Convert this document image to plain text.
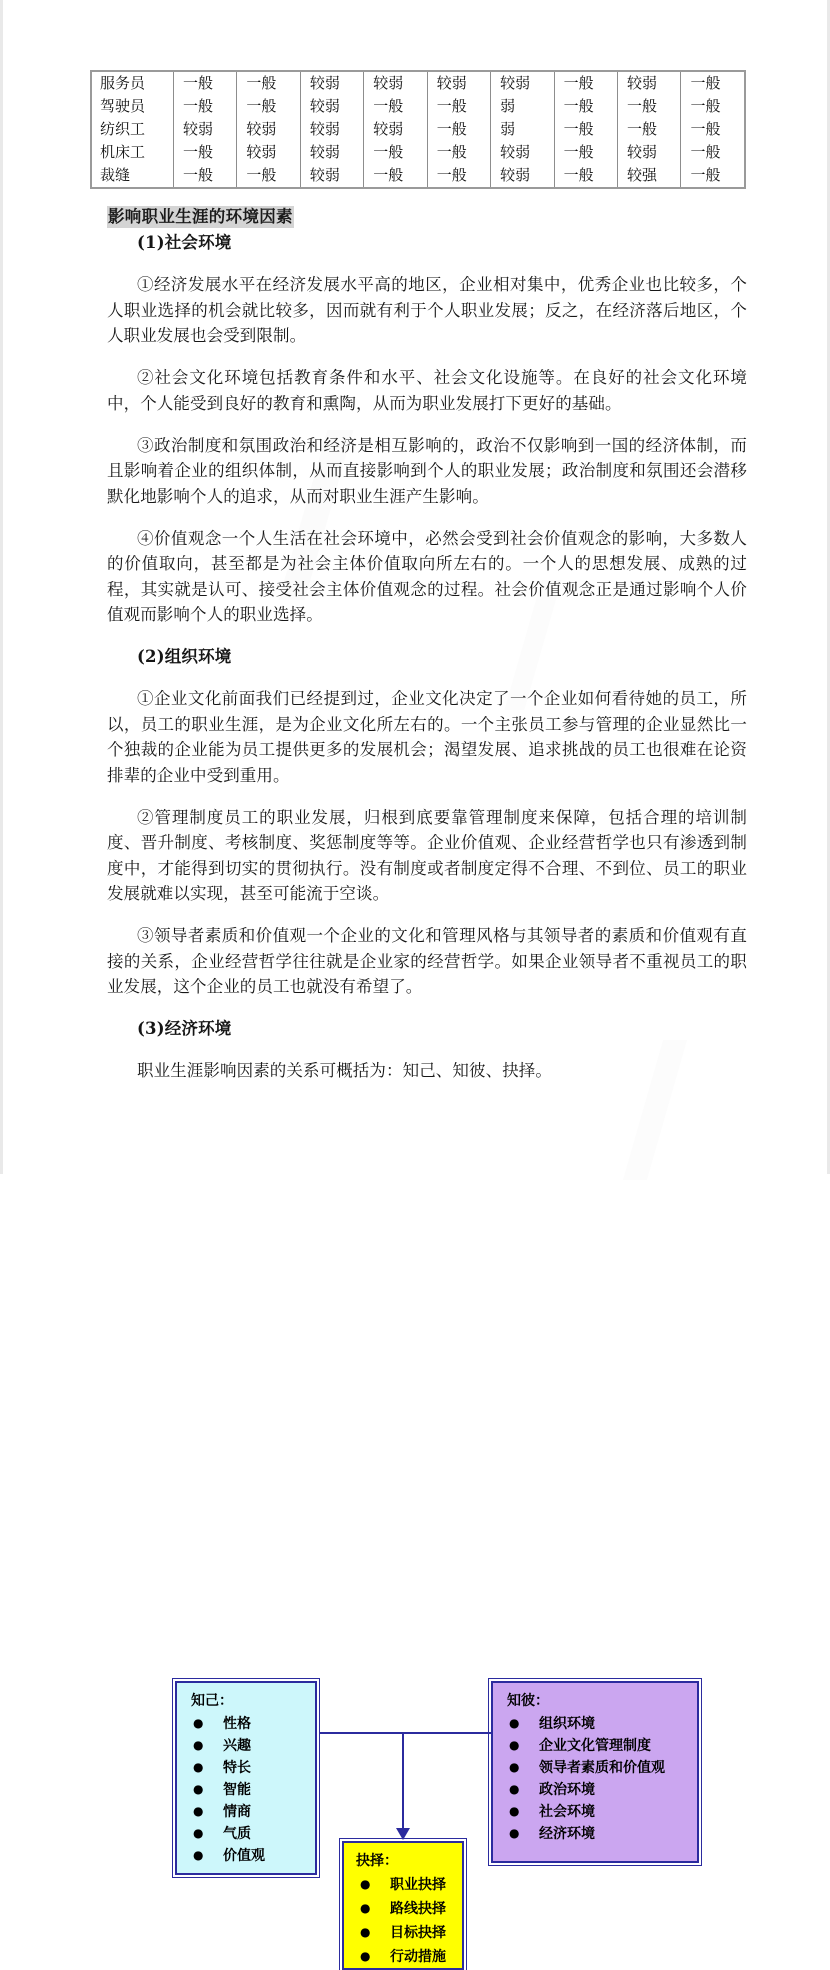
服务员	一般	一般	较弱	较弱	较弱	较弱	一般	较弱	一般
驾驶员	一般	一般	较弱	一般	一般	弱	一般	一般	一般
纺织工	较弱	较弱	较弱	较弱	一般	弱	一般	一般	一般
机床工	一般	较弱	较弱	一般	一般	较弱	一般	较弱	一般
裁缝	一般	一般	较弱	一般	一般	较弱	一般	较强	一般
影响职业生涯的环境因素
(1)社会环境

①经济发展水平在经济发展水平高的地区，企业相对集中，优秀企业也比较多，个人职业选择的机会就比较多，因而就有利于个人职业发展；反之，在经济落后地区，个人职业发展也会受到限制。

②社会文化环境包括教育条件和水平、社会文化设施等。在良好的社会文化环境中，个人能受到良好的教育和熏陶，从而为职业发展打下更好的基础。

③政治制度和氛围政治和经济是相互影响的，政治不仅影响到一国的经济体制，而且影响着企业的组织体制，从而直接影响到个人的职业发展；政治制度和氛围还会潜移默化地影响个人的追求，从而对职业生涯产生影响。

④价值观念一个人生活在社会环境中，必然会受到社会价值观念的影响，大多数人的价值取向，甚至都是为社会主体价值取向所左右的。一个人的思想发展、成熟的过程，其实就是认可、接受社会主体价值观念的过程。社会价值观念正是通过影响个人价值观而影响个人的职业选择。

(2)组织环境

①企业文化前面我们已经提到过，企业文化决定了一个企业如何看待她的员工，所以，员工的职业生涯，是为企业文化所左右的。一个主张员工参与管理的企业显然比一个独裁的企业能为员工提供更多的发展机会；渴望发展、追求挑战的员工也很难在论资排辈的企业中受到重用。

②管理制度员工的职业发展，归根到底要靠管理制度来保障，包括合理的培训制度、晋升制度、考核制度、奖惩制度等等。企业价值观、企业经营哲学也只有渗透到制度中，才能得到切实的贯彻执行。没有制度或者制度定得不合理、不到位、员工的职业发展就难以实现，甚至可能流于空谈。

③领导者素质和价值观一个企业的文化和管理风格与其领导者的素质和价值观有直接的关系，企业经营哲学往往就是企业家的经营哲学。如果企业领导者不重视员工的职业发展，这个企业的员工也就没有希望了。

(3)经济环境

职业生涯影响因素的关系可概括为：知己、知彼、抉择。

知己：
● 性格
● 兴趣
● 特长
● 智能
● 情商
● 气质
● 价值观
知彼：
● 组织环境
● 企业文化管理制度
● 领导者素质和价值观
● 政治环境
● 社会环境
● 经济环境
抉择：
● 职业抉择
● 路线抉择
● 目标抉择
● 行动措施
